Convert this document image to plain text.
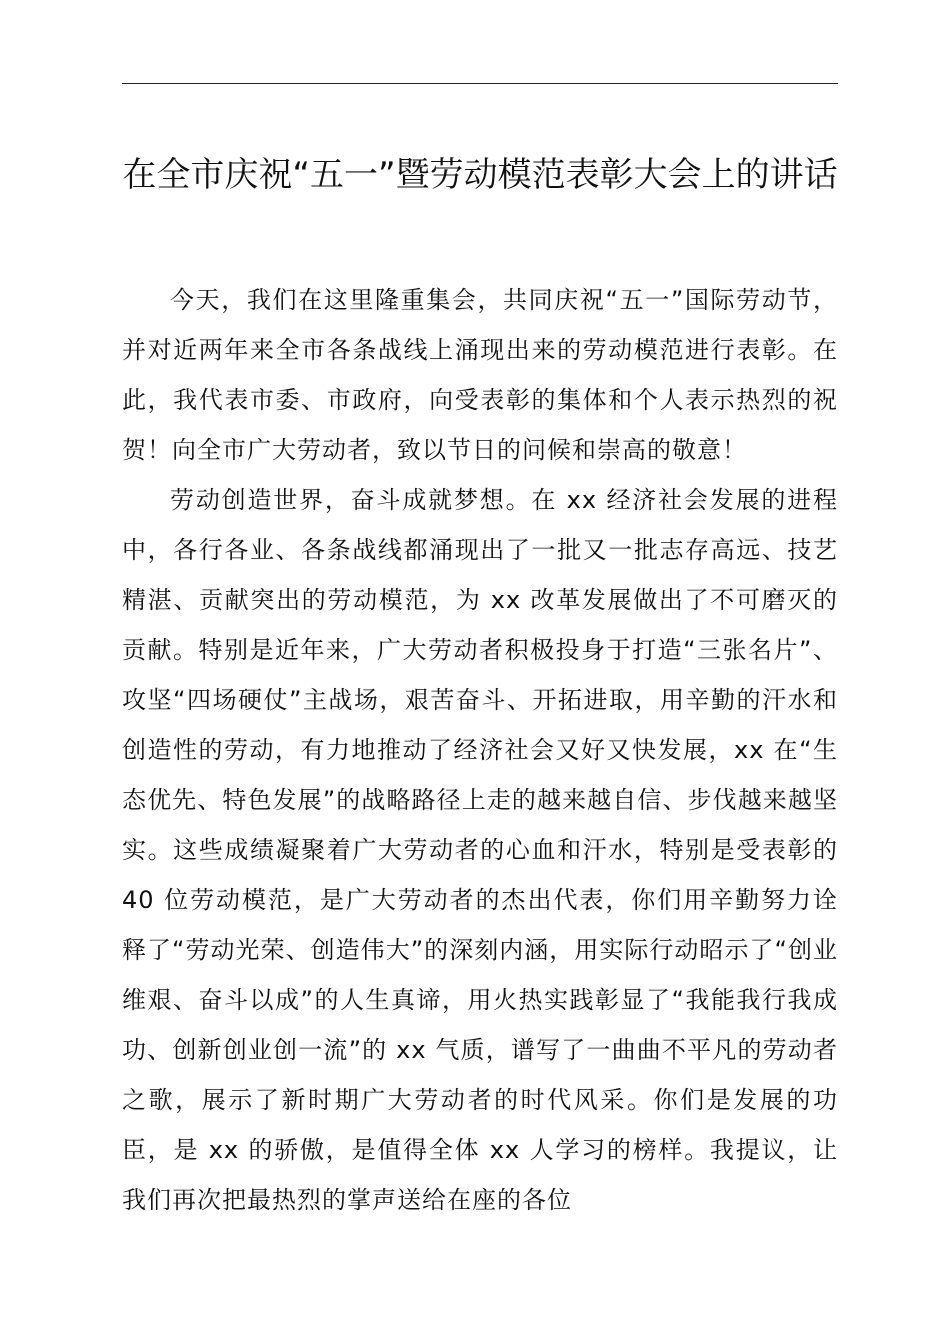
在全市庆祝“五一”暨劳动模范表彰大会上的讲话

今天，我们在这里隆重集会，共同庆祝“五一”国际劳动节，并对近两年来全市各条战线上涌现出来的劳动模范进行表彰。在此，我代表市委、市政府，向受表彰的集体和个人表示热烈的祝贺！向全市广大劳动者，致以节日的问候和崇高的敬意！

劳动创造世界，奋斗成就梦想。在 xx 经济社会发展的进程中，各行各业、各条战线都涌现出了一批又一批志存高远、技艺精湛、贡献突出的劳动模范，为 xx 改革发展做出了不可磨灭的贡献。特别是近年来，广大劳动者积极投身于打造“三张名片”、攻坚“四场硬仗”主战场，艰苦奋斗、开拓进取，用辛勤的汗水和创造性的劳动，有力地推动了经济社会又好又快发展，xx 在“生态优先、特色发展”的战略路径上走的越来越自信、步伐越来越坚实。这些成绩凝聚着广大劳动者的心血和汗水，特别是受表彰的 40 位劳动模范，是广大劳动者的杰出代表，你们用辛勤努力诠释了“劳动光荣、创造伟大”的深刻内涵，用实际行动昭示了“创业维艰、奋斗以成”的人生真谛，用火热实践彰显了“我能我行我成功、创新创业创一流”的 xx 气质，谱写了一曲曲不平凡的劳动者之歌，展示了新时期广大劳动者的时代风采。你们是发展的功臣，是 xx 的骄傲，是值得全体 xx 人学习的榜样。我提议，让我们再次把最热烈的掌声送给在座的各位
